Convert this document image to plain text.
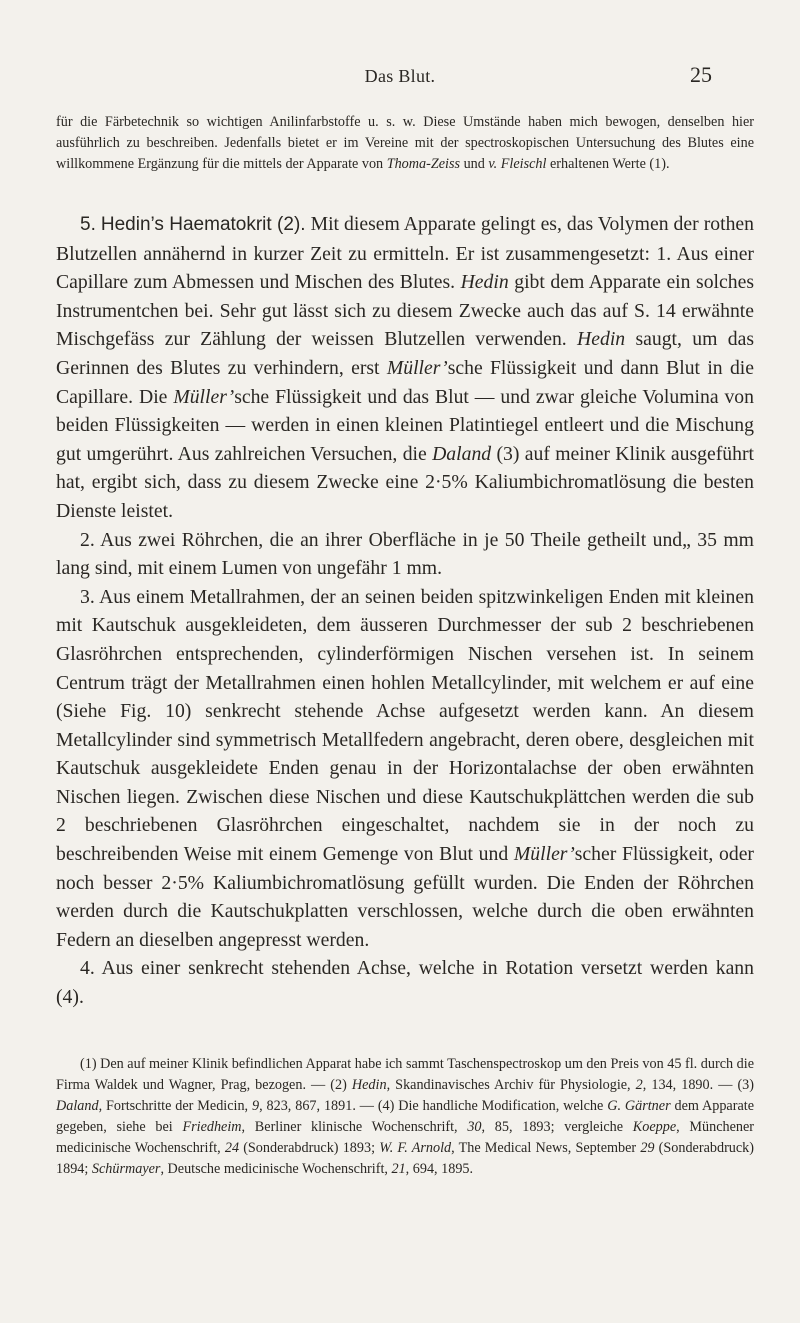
Das Blut.	25
für die Färbetechnik so wichtigen Anilinfarbstoffe u. s. w. Diese Umstände haben mich bewogen, denselben hier ausführlich zu beschreiben. Jedenfalls bietet er im Vereine mit der spectroskopischen Untersuchung des Blutes eine willkommene Ergänzung für die mittels der Apparate von Thoma-Zeiss und v. Fleischl erhaltenen Werte (1).

5. Hedin’s Haematokrit (2). Mit diesem Apparate gelingt es, das Volymen der rothen Blutzellen annähernd in kurzer Zeit zu ermitteln. Er ist zusammengesetzt: 1. Aus einer Capillare zum Abmessen und Mischen des Blutes. Hedin gibt dem Apparate ein solches Instrumentchen bei. Sehr gut lässt sich zu diesem Zwecke auch das auf S. 14 erwähnte Mischgefäss zur Zählung der weissen Blutzellen verwenden. Hedin saugt, um das Gerinnen des Blutes zu verhindern, erst Müller’sche Flüssigkeit und dann Blut in die Capillare. Die Müller’sche Flüssigkeit und das Blut — und zwar gleiche Volumina von beiden Flüssigkeiten — werden in einen kleinen Platintiegel entleert und die Mischung gut umgerührt. Aus zahlreichen Versuchen, die Daland (3) auf meiner Klinik ausgeführt hat, ergibt sich, dass zu diesem Zwecke eine 2·5% Kaliumbichromatlösung die besten Dienste leistet.

2. Aus zwei Röhrchen, die an ihrer Oberfläche in je 50 Theile getheilt und„ 35 mm lang sind, mit einem Lumen von ungefähr 1 mm.

3. Aus einem Metallrahmen, der an seinen beiden spitzwinkeligen Enden mit kleinen mit Kautschuk ausgekleideten, dem äusseren Durchmesser der sub 2 beschriebenen Glasröhrchen entsprechenden, cylinderförmigen Nischen versehen ist. In seinem Centrum trägt der Metallrahmen einen hohlen Metallcylinder, mit welchem er auf eine (Siehe Fig. 10) senkrecht stehende Achse aufgesetzt werden kann. An diesem Metallcylinder sind symmetrisch Metallfedern angebracht, deren obere, desgleichen mit Kautschuk ausgekleidete Enden genau in der Horizontalachse der oben erwähnten Nischen liegen. Zwischen diese Nischen und diese Kautschukplättchen werden die sub 2 beschriebenen Glasröhrchen eingeschaltet, nachdem sie in der noch zu beschreibenden Weise mit einem Gemenge von Blut und Müller’scher Flüssigkeit, oder noch besser 2·5% Kaliumbichromatlösung gefüllt wurden. Die Enden der Röhrchen werden durch die Kautschukplatten verschlossen, welche durch die oben erwähnten Federn an dieselben angepresst werden.

4. Aus einer senkrecht stehenden Achse, welche in Rotation versetzt werden kann (4).

(1) Den auf meiner Klinik befindlichen Apparat habe ich sammt Taschenspectroskop um den Preis von 45 fl. durch die Firma Waldek und Wagner, Prag, bezogen. — (2) Hedin, Skandinavisches Archiv für Physiologie, 2, 134, 1890. — (3) Daland, Fortschritte der Medicin, 9, 823, 867, 1891. — (4) Die handliche Modification, welche G. Gärtner dem Apparate gegeben, siehe bei Friedheim, Berliner klinische Wochenschrift, 30, 85, 1893; vergleiche Koeppe, Münchener medicinische Wochenschrift, 24 (Sonderabdruck) 1893; W. F. Arnold, The Medical News, September 29 (Sonderabdruck) 1894; Schürmayer, Deutsche medicinische Wochenschrift, 21, 694, 1895.
